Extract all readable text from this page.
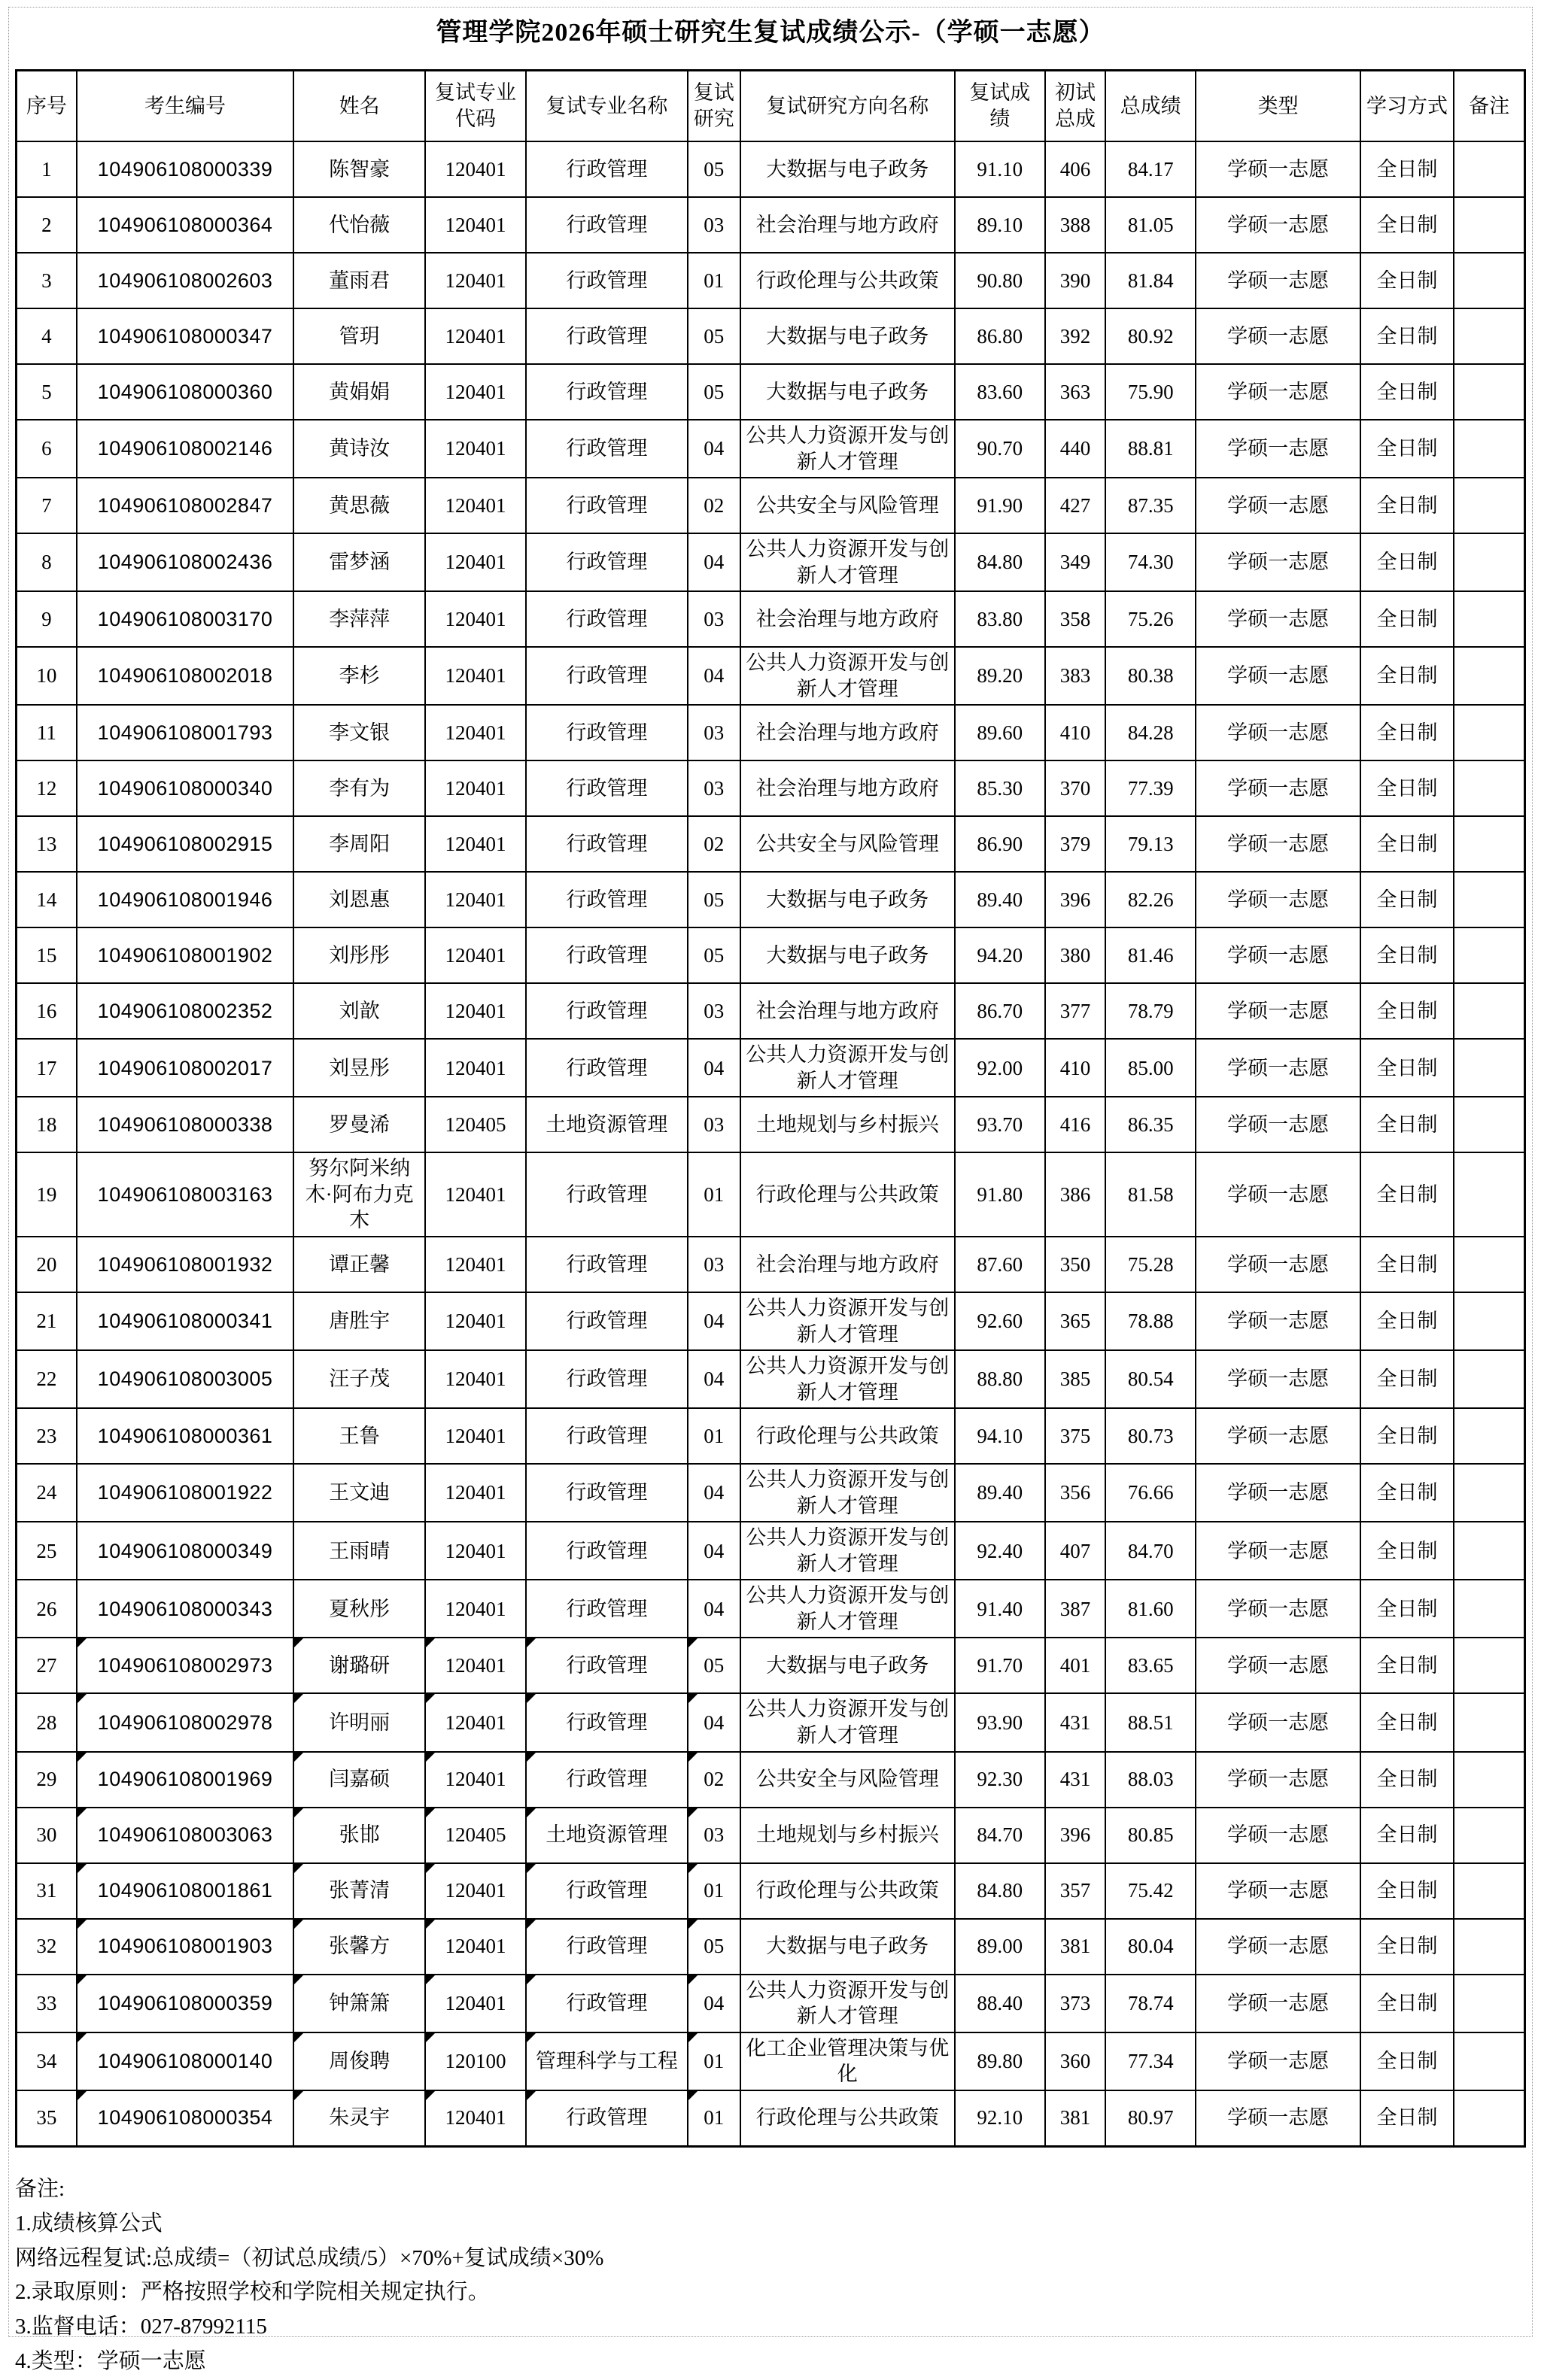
管理学院2026年硕士研究生复试成绩公示-（学硕一志愿）
序号	考生编号	姓名	复试专业代码	复试专业名称	复试研究	复试研究方向名称	复试成绩	初试总成	总成绩	类型	学习方式	备注
1	104906108000339	陈智豪	120401	行政管理	05	大数据与电子政务	91.10	406	84.17	学硕一志愿	全日制	
2	104906108000364	代怡薇	120401	行政管理	03	社会治理与地方政府	89.10	388	81.05	学硕一志愿	全日制	
3	104906108002603	董雨君	120401	行政管理	01	行政伦理与公共政策	90.80	390	81.84	学硕一志愿	全日制	
4	104906108000347	管玥	120401	行政管理	05	大数据与电子政务	86.80	392	80.92	学硕一志愿	全日制	
5	104906108000360	黄娟娟	120401	行政管理	05	大数据与电子政务	83.60	363	75.90	学硕一志愿	全日制	
6	104906108002146	黄诗汝	120401	行政管理	04	公共人力资源开发与创新人才管理	90.70	440	88.81	学硕一志愿	全日制	
7	104906108002847	黄思薇	120401	行政管理	02	公共安全与风险管理	91.90	427	87.35	学硕一志愿	全日制	
8	104906108002436	雷梦涵	120401	行政管理	04	公共人力资源开发与创新人才管理	84.80	349	74.30	学硕一志愿	全日制	
9	104906108003170	李萍萍	120401	行政管理	03	社会治理与地方政府	83.80	358	75.26	学硕一志愿	全日制	
10	104906108002018	李杉	120401	行政管理	04	公共人力资源开发与创新人才管理	89.20	383	80.38	学硕一志愿	全日制	
11	104906108001793	李文银	120401	行政管理	03	社会治理与地方政府	89.60	410	84.28	学硕一志愿	全日制	
12	104906108000340	李有为	120401	行政管理	03	社会治理与地方政府	85.30	370	77.39	学硕一志愿	全日制	
13	104906108002915	李周阳	120401	行政管理	02	公共安全与风险管理	86.90	379	79.13	学硕一志愿	全日制	
14	104906108001946	刘恩惠	120401	行政管理	05	大数据与电子政务	89.40	396	82.26	学硕一志愿	全日制	
15	104906108001902	刘彤彤	120401	行政管理	05	大数据与电子政务	94.20	380	81.46	学硕一志愿	全日制	
16	104906108002352	刘歆	120401	行政管理	03	社会治理与地方政府	86.70	377	78.79	学硕一志愿	全日制	
17	104906108002017	刘昱彤	120401	行政管理	04	公共人力资源开发与创新人才管理	92.00	410	85.00	学硕一志愿	全日制	
18	104906108000338	罗曼浠	120405	土地资源管理	03	土地规划与乡村振兴	93.70	416	86.35	学硕一志愿	全日制	
19	104906108003163	努尔阿米纳木·阿布力克木	120401	行政管理	01	行政伦理与公共政策	91.80	386	81.58	学硕一志愿	全日制	
20	104906108001932	谭正馨	120401	行政管理	03	社会治理与地方政府	87.60	350	75.28	学硕一志愿	全日制	
21	104906108000341	唐胜宇	120401	行政管理	04	公共人力资源开发与创新人才管理	92.60	365	78.88	学硕一志愿	全日制	
22	104906108003005	汪子茂	120401	行政管理	04	公共人力资源开发与创新人才管理	88.80	385	80.54	学硕一志愿	全日制	
23	104906108000361	王鲁	120401	行政管理	01	行政伦理与公共政策	94.10	375	80.73	学硕一志愿	全日制	
24	104906108001922	王文迪	120401	行政管理	04	公共人力资源开发与创新人才管理	89.40	356	76.66	学硕一志愿	全日制	
25	104906108000349	王雨晴	120401	行政管理	04	公共人力资源开发与创新人才管理	92.40	407	84.70	学硕一志愿	全日制	
26	104906108000343	夏秋彤	120401	行政管理	04	公共人力资源开发与创新人才管理	91.40	387	81.60	学硕一志愿	全日制	
27	104906108002973	谢璐研	120401	行政管理	05	大数据与电子政务	91.70	401	83.65	学硕一志愿	全日制	
28	104906108002978	许明丽	120401	行政管理	04	公共人力资源开发与创新人才管理	93.90	431	88.51	学硕一志愿	全日制	
29	104906108001969	闫嘉硕	120401	行政管理	02	公共安全与风险管理	92.30	431	88.03	学硕一志愿	全日制	
30	104906108003063	张邯	120405	土地资源管理	03	土地规划与乡村振兴	84.70	396	80.85	学硕一志愿	全日制	
31	104906108001861	张菁清	120401	行政管理	01	行政伦理与公共政策	84.80	357	75.42	学硕一志愿	全日制	
32	104906108001903	张馨方	120401	行政管理	05	大数据与电子政务	89.00	381	80.04	学硕一志愿	全日制	
33	104906108000359	钟箫箫	120401	行政管理	04	公共人力资源开发与创新人才管理	88.40	373	78.74	学硕一志愿	全日制	
34	104906108000140	周俊聘	120100	管理科学与工程	01	化工企业管理决策与优化	89.80	360	77.34	学硕一志愿	全日制	
35	104906108000354	朱灵宇	120401	行政管理	01	行政伦理与公共政策	92.10	381	80.97	学硕一志愿	全日制	
备注:
1.成绩核算公式
网络远程复试:总成绩=（初试总成绩/5）×70%+复试成绩×30%
2.录取原则：严格按照学校和学院相关规定执行。
3.监督电话：027-87992115
4.类型：学硕一志愿
